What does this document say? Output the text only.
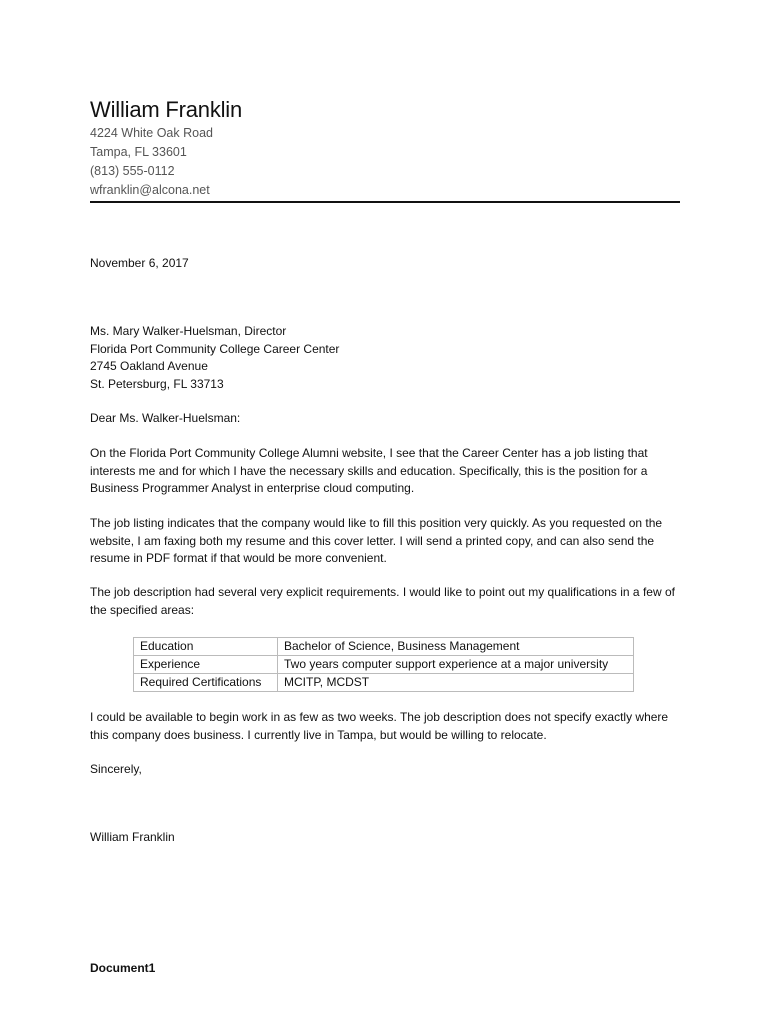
William Franklin
4224 White Oak Road
Tampa, FL 33601
(813) 555-0112
wfranklin@alcona.net
November 6, 2017
Ms. Mary Walker-Huelsman, Director
Florida Port Community College Career Center
2745 Oakland Avenue
St. Petersburg, FL 33713
Dear Ms. Walker-Huelsman:
On the Florida Port Community College Alumni website, I see that the Career Center has a job listing that interests me and for which I have the necessary skills and education. Specifically, this is the position for a Business Programmer Analyst in enterprise cloud computing.
The job listing indicates that the company would like to fill this position very quickly. As you requested on the website, I am faxing both my resume and this cover letter. I will send a printed copy, and can also send the resume in PDF format if that would be more convenient.
The job description had several very explicit requirements. I would like to point out my qualifications in a few of the specified areas:
Education	Bachelor of Science, Business Management
Experience	Two years computer support experience at a major university
Required Certifications	MCITP, MCDST
I could be available to begin work in as few as two weeks. The job description does not specify exactly where this company does business. I currently live in Tampa, but would be willing to relocate.
Sincerely,
William Franklin
Document1
